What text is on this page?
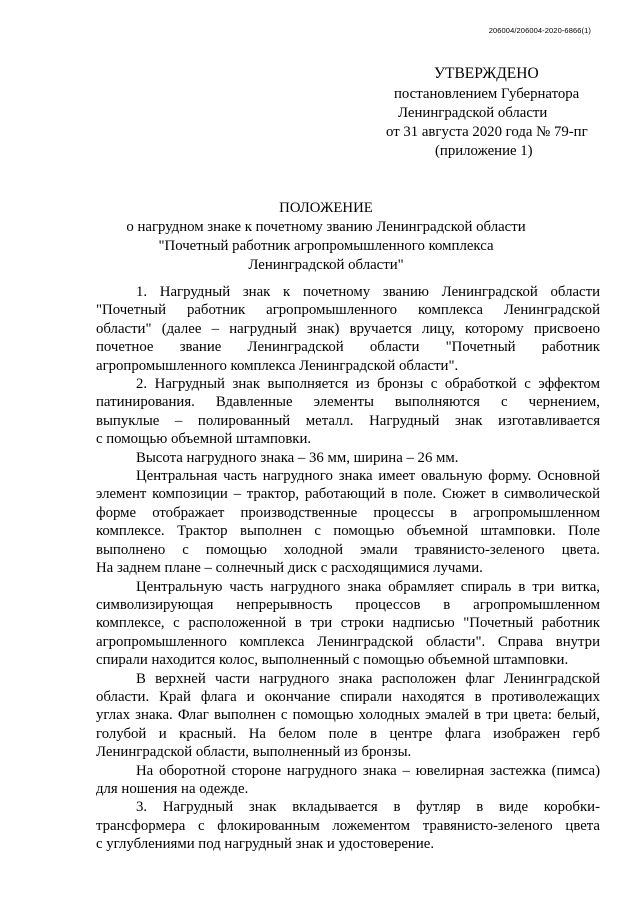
206004/206004-2020-6866(1)
УТВЕРЖДЕНО
постановлением Губернатора
Ленинградской области
от 31 августа 2020 года № 79-пг
(приложение 1)
ПОЛОЖЕНИЕ
о нагрудном знаке к почетному званию Ленинградской области
"Почетный работник агропромышленного комплекса
Ленинградской области"
1. Нагрудный знак к почетному званию Ленинградской области
"Почетный работник агропромышленного комплекса Ленинградской
области" (далее – нагрудный знак) вручается лицу, которому присвоено
почетное звание Ленинградской области "Почетный работник
агропромышленного комплекса Ленинградской области".
2. Нагрудный знак выполняется из бронзы с обработкой с эффектом
патинирования. Вдавленные элементы выполняются с чернением,
выпуклые – полированный металл. Нагрудный знак изготавливается
с помощью объемной штамповки.
Высота нагрудного знака – 36 мм, ширина – 26 мм.
Центральная часть нагрудного знака имеет овальную форму. Основной
элемент композиции – трактор, работающий в поле. Сюжет в символической
форме отображает производственные процессы в агропромышленном
комплексе. Трактор выполнен с помощью объемной штамповки. Поле
выполнено с помощью холодной эмали травянисто-зеленого цвета.
На заднем плане – солнечный диск с расходящимися лучами.
Центральную часть нагрудного знака обрамляет спираль в три витка,
символизирующая непрерывность процессов в агропромышленном
комплексе, с расположенной в три строки надписью "Почетный работник
агропромышленного комплекса Ленинградской области". Справа внутри
спирали находится колос, выполненный с помощью объемной штамповки.
В верхней части нагрудного знака расположен флаг Ленинградской
области. Край флага и окончание спирали находятся в противолежащих
углах знака. Флаг выполнен с помощью холодных эмалей в три цвета: белый,
голубой и красный. На белом поле в центре флага изображен герб
Ленинградской области, выполненный из бронзы.
На оборотной стороне нагрудного знака – ювелирная застежка (пимса)
для ношения на одежде.
3. Нагрудный знак вкладывается в футляр в виде коробки-
трансформера с флокированным ложементом травянисто-зеленого цвета
с углублениями под нагрудный знак и удостоверение.
